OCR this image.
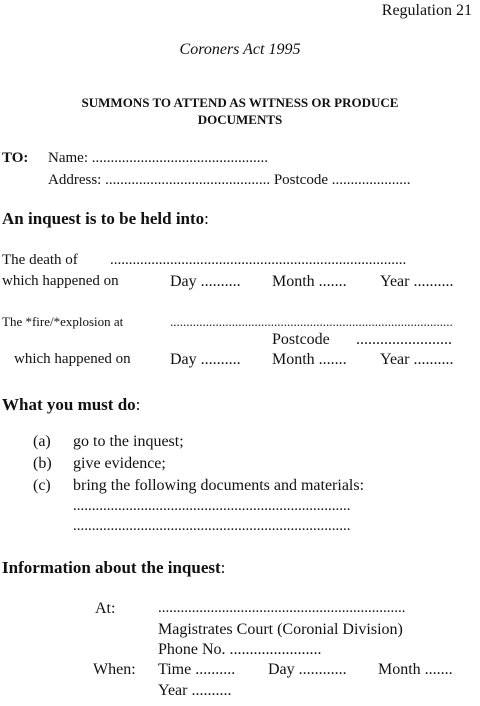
Regulation 21
Coroners Act 1995
SUMMONS TO ATTEND AS WITNESS OR PRODUCE
DOCUMENTS
TO: Name: ...............................................
Address: ............................................ Postcode .....................
An inquest is to be held into:
The death of ...............................................................................
which happened on	Day .......... Month ....... Year ..........
The *fire/*explosion at	.......................................................................................
Postcode ........................
which happened on Day .......... Month ....... Year ..........
What you must do:
(a) go to the inquest;
(b) give evidence;
(c) bring the following documents and materials:
..........................................................................
..........................................................................
Information about the inquest:
At:	..................................................................
Magistrates Court (Coronial Division)
Phone No. .......................
When: Time .......... Day ............ Month .......
Year ..........
